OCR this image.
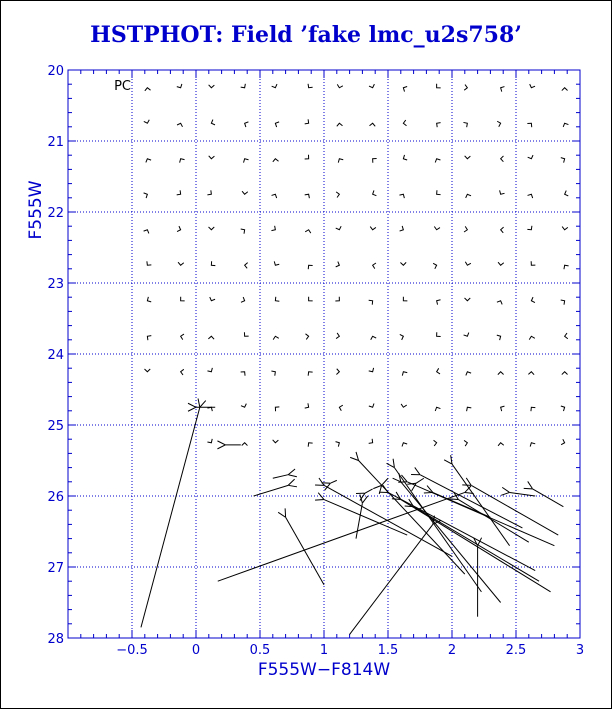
HSTPHOT: Field ’fake lmc_u2s758’
−0.5	0	0.5	1	1.5	2	2.5	3
20
21
22
23
24
25
26
27
28
F555W−F814W
F555W
PC
